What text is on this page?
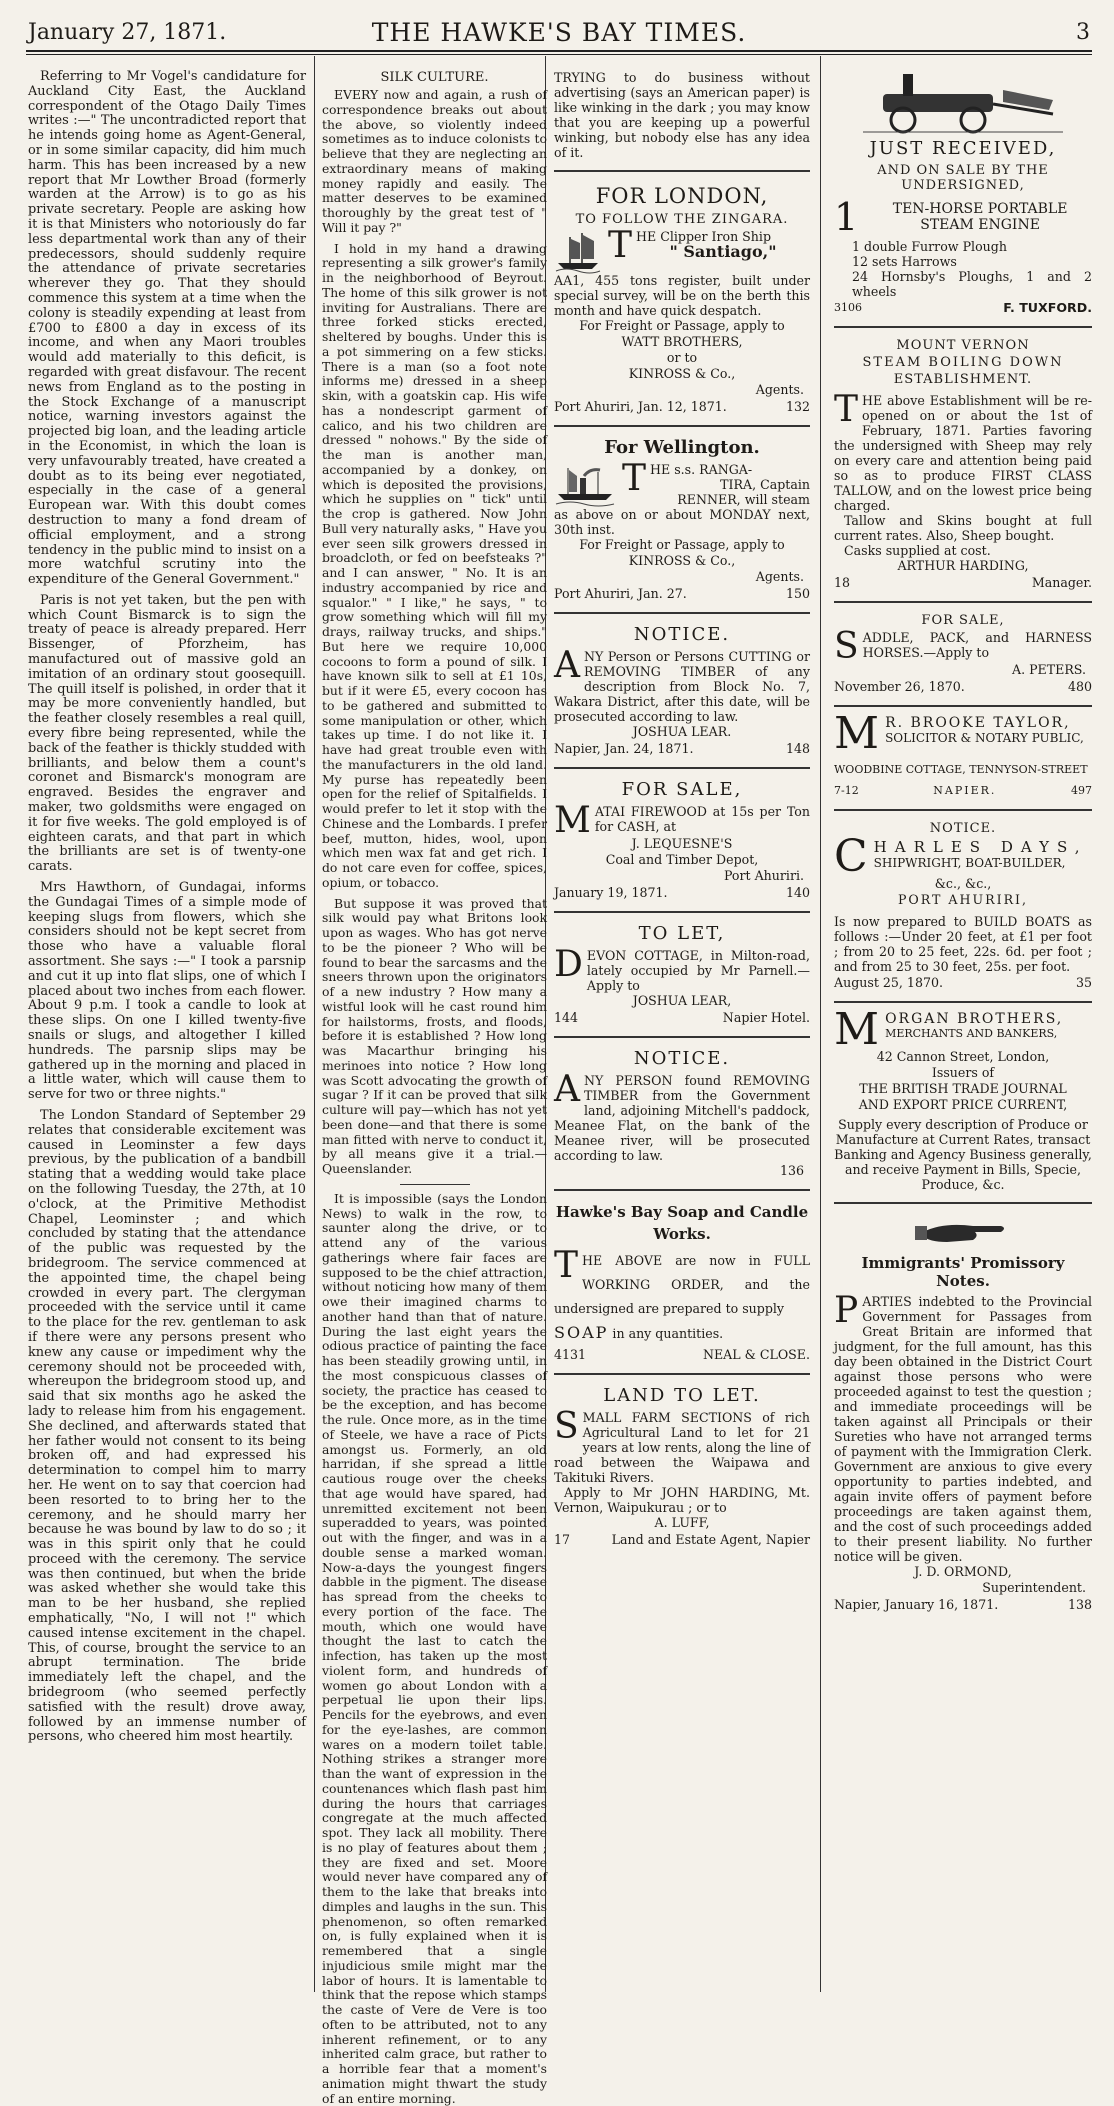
January 27, 1871.	THE HAWKE'S BAY TIMES.	3

Referring to Mr Vogel's candidature for Auckland City East, the Auckland correspondent of the Otago Daily Times writes :—" The uncontradicted report that he intends going home as Agent-General, or in some similar capacity, did him much harm. This has been increased by a new report that Mr Lowther Broad (formerly warden at the Arrow) is to go as his private secretary. People are asking how it is that Ministers who notoriously do far less departmental work than any of their predecessors, should suddenly require the attendance of private secretaries wherever they go. That they should commence this system at a time when the colony is steadily expending at least from £700 to £800 a day in excess of its income, and when any Maori troubles would add materially to this deficit, is regarded with great disfavour. The recent news from England as to the posting in the Stock Exchange of a manuscript notice, warning investors against the projected big loan, and the leading article in the Economist, in which the loan is very unfavourably treated, have created a doubt as to its being ever negotiated, especially in the case of a general European war. With this doubt comes destruction to many a fond dream of official employment, and a strong tendency in the public mind to insist on a more watchful scrutiny into the expenditure of the General Government."

Paris is not yet taken, but the pen with which Count Bismarck is to sign the treaty of peace is already prepared. Herr Bissenger, of Pforzheim, has manufactured out of massive gold an imitation of an ordinary stout goosequill. The quill itself is polished, in order that it may be more conveniently handled, but the feather closely resembles a real quill, every fibre being represented, while the back of the feather is thickly studded with brilliants, and below them a count's coronet and Bismarck's monogram are engraved. Besides the engraver and maker, two goldsmiths were engaged on it for five weeks. The gold employed is of eighteen carats, and that part in which the brilliants are set is of twenty-one carats.

Mrs Hawthorn, of Gundagai, informs the Gundagai Times of a simple mode of keeping slugs from flowers, which she considers should not be kept secret from those who have a valuable floral assortment. She says :—" I took a parsnip and cut it up into flat slips, one of which I placed about two inches from each flower. About 9 p.m. I took a candle to look at these slips. On one I killed twenty-five snails or slugs, and altogether I killed hundreds. The parsnip slips may be gathered up in the morning and placed in a little water, which will cause them to serve for two or three nights."

The London Standard of September 29 relates that considerable excitement was caused in Leominster a few days previous, by the publication of a bandbill stating that a wedding would take place on the following Tuesday, the 27th, at 10 o'clock, at the Primitive Methodist Chapel, Leominster ; and which concluded by stating that the attendance of the public was requested by the bridegroom. The service commenced at the appointed time, the chapel being crowded in every part. The clergyman proceeded with the service until it came to the place for the rev. gentleman to ask if there were any persons present who knew any cause or impediment why the ceremony should not be proceeded with, whereupon the bridegroom stood up, and said that six months ago he asked the lady to release him from his engagement. She declined, and afterwards stated that her father would not consent to its being broken off, and had expressed his determination to compel him to marry her. He went on to say that coercion had been resorted to to bring her to the ceremony, and he should marry her because he was bound by law to do so ; it was in this spirit only that he could proceed with the ceremony. The service was then continued, but when the bride was asked whether she would take this man to be her husband, she replied emphatically, "No, I will not !" which caused intense excitement in the chapel. This, of course, brought the service to an abrupt termination. The bride immediately left the chapel, and the bridegroom (who seemed perfectly satisfied with the result) drove away, followed by an immense number of persons, who cheered him most heartily.

SILK CULTURE.

EVERY now and again, a rush of correspondence breaks out about the above, so violently indeed sometimes as to induce colonists to believe that they are neglecting an extraordinary means of making money rapidly and easily. The matter deserves to be examined thoroughly by the great test of " Will it pay ?"

I hold in my hand a drawing representing a silk grower's family in the neighborhood of Beyrout. The home of this silk grower is not inviting for Australians. There are three forked sticks erected, sheltered by boughs. Under this is a pot simmering on a few sticks. There is a man (so a foot note informs me) dressed in a sheep skin, with a goatskin cap. His wife has a nondescript garment of calico, and his two children are dressed " nohows." By the side of the man is another man, accompanied by a donkey, on which is deposited the provisions, which he supplies on " tick" until the crop is gathered. Now John Bull very naturally asks, " Have you ever seen silk growers dressed in broadcloth, or fed on beefsteaks ?" and I can answer, " No. It is an industry accompanied by rice and squalor." " I like," he says, " to grow something which will fill my drays, railway trucks, and ships." But here we require 10,000 cocoons to form a pound of silk. I have known silk to sell at £1 10s, but if it were £5, every cocoon has to be gathered and submitted to some manipulation or other, which takes up time. I do not like it. I have had great trouble even with the manufacturers in the old land. My purse has repeatedly been open for the relief of Spitalfields. I would prefer to let it stop with the Chinese and the Lombards. I prefer beef, mutton, hides, wool, upon which men wax fat and get rich. I do not care even for coffee, spices, opium, or tobacco.

But suppose it was proved that silk would pay what Britons look upon as wages. Who has got nerve to be the pioneer ? Who will be found to bear the sarcasms and the sneers thrown upon the originators of a new industry ? How many a wistful look will he cast round him for hailstorms, frosts, and floods, before it is established ? How long was Macarthur bringing his merinoes into notice ? How long was Scott advocating the growth of sugar ? If it can be proved that silk culture will pay—which has not yet been done—and that there is some man fitted with nerve to conduct it, by all means give it a trial.—Queenslander.

It is impossible (says the London News) to walk in the row, to saunter along the drive, or to attend any of the various gatherings where fair faces are supposed to be the chief attraction, without noticing how many of them owe their imagined charms to another hand than that of nature. During the last eight years the odious practice of painting the face has been steadily growing until, in the most conspicuous classes of society, the practice has ceased to be the exception, and has become the rule. Once more, as in the time of Steele, we have a race of Picts amongst us. Formerly, an old harridan, if she spread a little cautious rouge over the cheeks that age would have spared, had unremitted excitement not been superadded to years, was pointed out with the finger, and was in a double sense a marked woman. Now-a-days the youngest fingers dabble in the pigment. The disease has spread from the cheeks to every portion of the face. The mouth, which one would have thought the last to catch the infection, has taken up the most violent form, and hundreds of women go about London with a perpetual lie upon their lips. Pencils for the eyebrows, and even for the eye-lashes, are common wares on a modern toilet table. Nothing strikes a stranger more than the want of expression in the countenances which flash past him during the hours that carriages congregate at the much affected spot. They lack all mobility. There is no play of features about them ; they are fixed and set. Moore would never have compared any of them to the lake that breaks into dimples and laughs in the sun. This phenomenon, so often remarked on, is fully explained when it is remembered that a single injudicious smile might mar the labor of hours. It is lamentable to think that the repose which stamps the caste of Vere de Vere is too often to be attributed, not to any inherent refinement, or to any inherited calm grace, but rather to a horrible fear that a moment's animation might thwart the study of an entire morning.

TRYING to do business without advertising (says an American paper) is like winking in the dark ; you may know that you are keeping up a powerful winking, but nobody else has any idea of it.

FOR LONDON,
TO FOLLOW THE ZINGARA.

THE Clipper Iron Ship

" Santiago,"

AA1, 455 tons register, built under special survey, will be on the berth this month and have quick despatch.

For Freight or Passage, apply to
WATT BROTHERS,
or to
KINROSS & Co.,
Agents.
Port Ahuriri, Jan. 12, 1871.	132
For Wellington.

THE s.s. RANGA-

TIRA, Captain

RENNER, will steam

as above on or about MONDAY next, 30th inst.

For Freight or Passage, apply to
KINROSS & Co.,
Agents.
Port Ahuriri, Jan. 27.	150
NOTICE.

ANY Person or Persons CUTTING or REMOVING TIMBER of any description from Block No. 7, Wakara District, after this date, will be prosecuted according to law.

JOSHUA LEAR.
Napier, Jan. 24, 1871.	148
FOR SALE,

MATAI FIREWOOD at 15s per Ton for CASH, at

J. LEQUESNE'S
Coal and Timber Depot,
Port Ahuriri.
January 19, 1871.	140
TO LET,

DEVON COTTAGE, in Milton-road, lately occupied by Mr Parnell.—Apply to

JOSHUA LEAR,
144	Napier Hotel.
NOTICE.

ANY PERSON found REMOVING TIMBER from the Government land, adjoining Mitchell's paddock, Meanee Flat, on the bank of the Meanee river, will be prosecuted according to law.

136
Hawke's Bay Soap and Candle Works.

THE ABOVE are now in FULL WORKING ORDER, and the undersigned are prepared to supply

SOAP in any quantities.

4131	NEAL & CLOSE.
LAND TO LET.

SMALL FARM SECTIONS of rich Agricultural Land to let for 21 years at low rents, along the line of road between the Waipawa and Takituki Rivers.

Apply to Mr JOHN HARDING, Mt. Vernon, Waipukurau ; or to

A. LUFF,
17	Land and Estate Agent, Napier
JUST RECEIVED,
AND ON SALE BY THE UNDERSIGNED,
1	TEN-HORSE PORTABLE
STEAM ENGINE
1 double Furrow Plough
12 sets Harrows
24 Hornsby's Ploughs, 1 and 2 wheels
3106	F. TUXFORD.
MOUNT VERNON
STEAM BOILING DOWN
ESTABLISHMENT.

THE above Establishment will be re-opened on or about the 1st of February, 1871. Parties favoring the undersigned with Sheep may rely on every care and attention being paid so as to produce FIRST CLASS TALLOW, and on the lowest price being charged.

Tallow and Skins bought at full current rates. Also, Sheep bought.

Casks supplied at cost.

ARTHUR HARDING,
18	Manager.
FOR SALE,

SADDLE, PACK, and HARNESS HORSES.—Apply to

A. PETERS.
November 26, 1870.	480
M R. BROOKE TAYLOR,
SOLICITOR & NOTARY PUBLIC,
WOODBINE COTTAGE, TENNYSON-STREET
7-12	NAPIER.	497
NOTICE.
C HARLES DAYS,
SHIPWRIGHT, BOAT-BUILDER,
&c., &c.,
PORT AHURIRI,

Is now prepared to BUILD BOATS as follows :—Under 20 feet, at £1 per foot ; from 20 to 25 feet, 22s. 6d. per foot ; and from 25 to 30 feet, 25s. per foot.

August 25, 1870.	35
M ORGAN BROTHERS,
MERCHANTS AND BANKERS,
42 Cannon Street, London,
Issuers of
THE BRITISH TRADE JOURNAL
AND EXPORT PRICE CURRENT,

Supply every description of Produce or Manufacture at Current Rates, transact Banking and Agency Business generally, and receive Payment in Bills, Specie, Produce, &c.

Immigrants' Promissory Notes.

PARTIES indebted to the Provincial Government for Passages from Great Britain are informed that judgment, for the full amount, has this day been obtained in the District Court against those persons who were proceeded against to test the question ; and immediate proceedings will be taken against all Principals or their Sureties who have not arranged terms of payment with the Immigration Clerk. Government are anxious to give every opportunity to parties indebted, and again invite offers of payment before proceedings are taken against them, and the cost of such proceedings added to their present liability. No further notice will be given.

J. D. ORMOND,
Superintendent.
Napier, January 16, 1871.	138
